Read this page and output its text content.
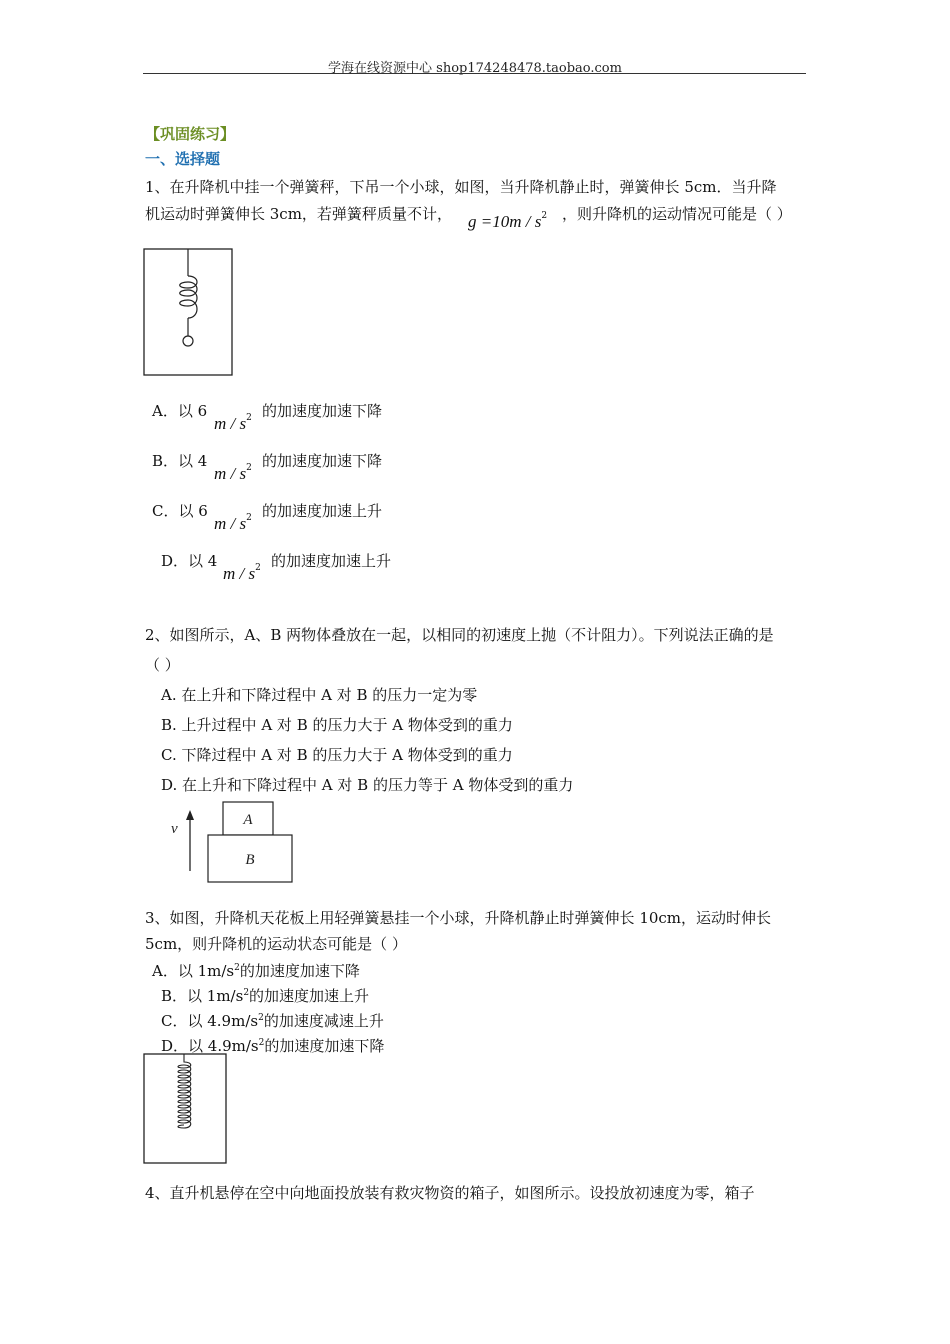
学海在线资源中心 shop174248478.taobao.com
【巩固练习】
一、选择题
1、在升降机中挂一个弹簧秤，下吊一个小球，如图，当升降机静止时，弹簧伸长 5cm．当升降
机运动时弹簧伸长 3cm，若弹簧秤质量不计， $g =10m / s^2$ ，则升降机的运动情况可能是（ ）
A．以 6
m / $s^2$ 的加速度加速下降
B．以 4
m / $s^2$ 的加速度加速下降
C．以 6
m / $s^2$ 的加速度加速上升
D．以 4
m / $s^2$ 的加速度加速上升
2、如图所示，A、B 两物体叠放在一起，以相同的初速度上抛（不计阻力）。下列说法正确的是
（ ）
A. 在上升和下降过程中 A 对 B 的压力一定为零
B. 上升过程中 A 对 B 的压力大于 A 物体受到的重力
C. 下降过程中 A 对 B 的压力大于 A 物体受到的重力
D. 在上升和下降过程中 A 对 B 的压力等于 A 物体受到的重力
v
A
B
3、如图，升降机天花板上用轻弹簧悬挂一个小球，升降机静止时弹簧伸长 10cm，运动时伸长
5cm，则升降机的运动状态可能是（ ）
A．以 $1m/s^2$的加速度加速下降
B．以 $1m/s^2$的加速度加速上升
C．以 $4.9m/s^2$的加速度减速上升
D．以 $4.9m/s^2$的加速度加速下降
4、直升机悬停在空中向地面投放装有救灾物资的箱子，如图所示。设投放初速度为零，箱子
